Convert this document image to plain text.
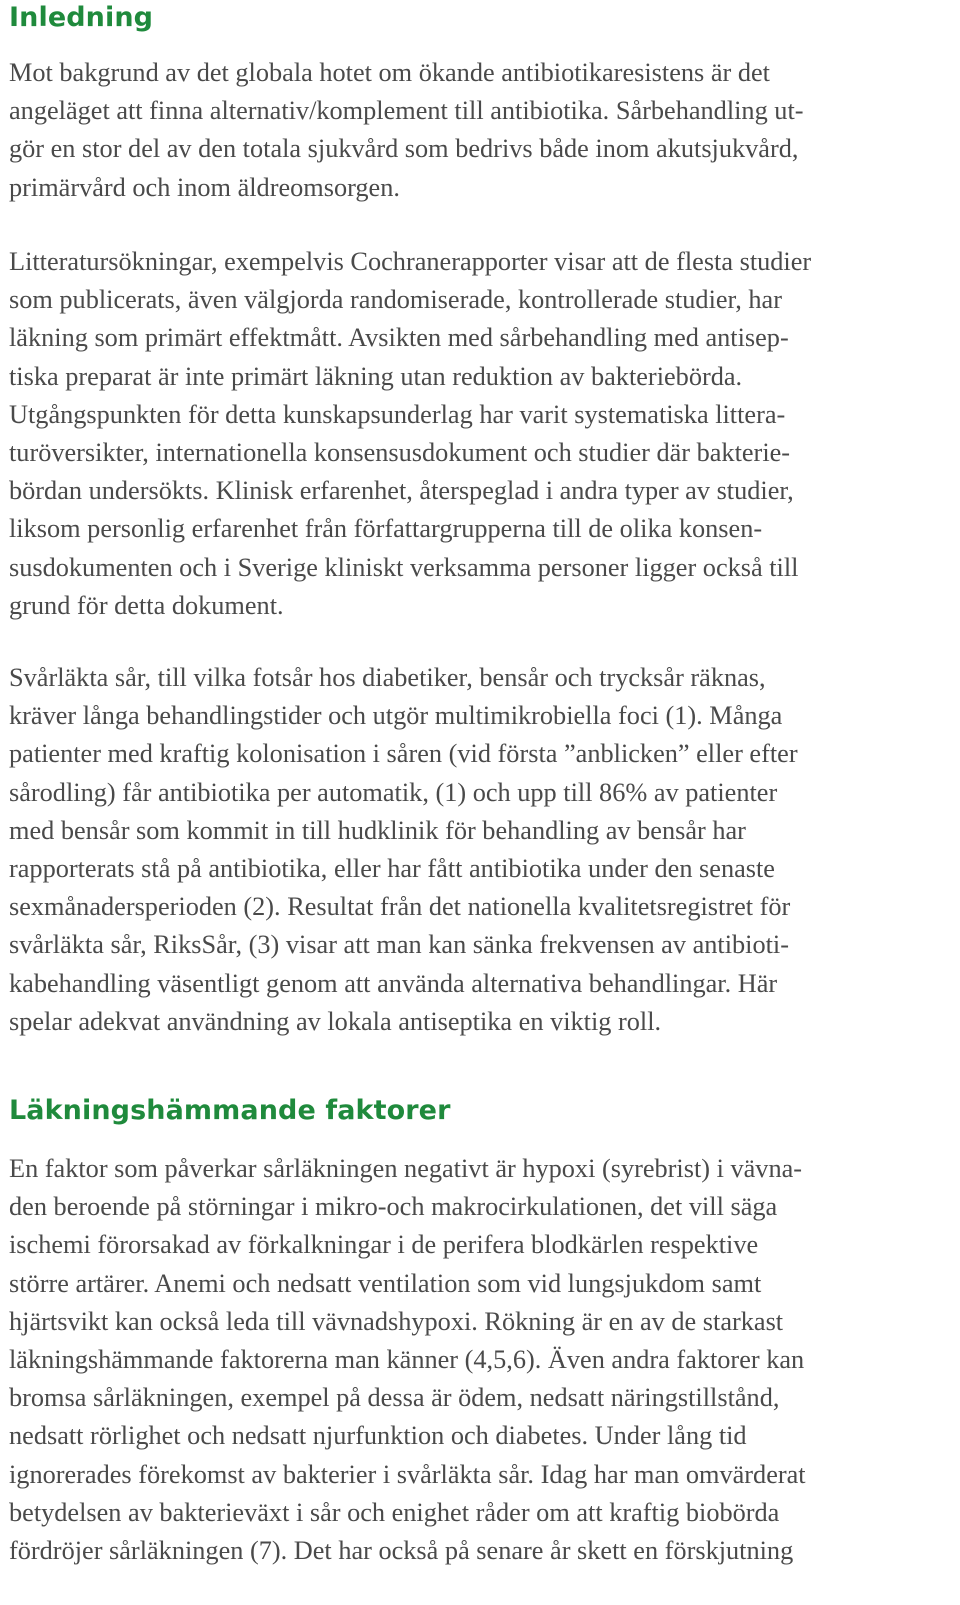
Inledning
Mot bakgrund av det globala hotet om ökande antibiotikaresistens är det
angeläget att finna alternativ/komplement till antibiotika. Sårbehandling ut-
gör en stor del av den totala sjukvård som bedrivs både inom akutsjukvård,
primärvård och inom äldreomsorgen.
Litteratursökningar, exempelvis Cochranerapporter visar att de flesta studier
som publicerats, även välgjorda randomiserade, kontrollerade studier, har
läkning som primärt effektmått. Avsikten med sårbehandling med antisep-
tiska preparat är inte primärt läkning utan reduktion av bakteriebörda.
Utgångspunkten för detta kunskapsunderlag har varit systematiska littera-
turöversikter, internationella konsensusdokument och studier där bakterie-
bördan undersökts. Klinisk erfarenhet, återspeglad i andra typer av studier,
liksom personlig erfarenhet från författargrupperna till de olika konsen-
susdokumenten och i Sverige kliniskt verksamma personer ligger också till
grund för detta dokument.
Svårläkta sår, till vilka fotsår hos diabetiker, bensår och trycksår räknas,
kräver långa behandlingstider och utgör multimikrobiella foci (1). Många
patienter med kraftig kolonisation i såren (vid första ”anblicken” eller efter
sårodling) får antibiotika per automatik, (1) och upp till 86% av patienter
med bensår som kommit in till hudklinik för behandling av bensår har
rapporterats stå på antibiotika, eller har fått antibiotika under den senaste
sexmånadersperioden (2). Resultat från det nationella kvalitetsregistret för
svårläkta sår, RiksSår, (3) visar att man kan sänka frekvensen av antibioti-
kabehandling väsentligt genom att använda alternativa behandlingar. Här
spelar adekvat användning av lokala antiseptika en viktig roll.
Läkningshämmande faktorer
En faktor som påverkar sårläkningen negativt är hypoxi (syrebrist) i vävna-
den beroende på störningar i mikro-och makrocirkulationen, det vill säga
ischemi förorsakad av förkalkningar i de perifera blodkärlen respektive
större artärer. Anemi och nedsatt ventilation som vid lungsjukdom samt
hjärtsvikt kan också leda till vävnadshypoxi. Rökning är en av de starkast
läkningshämmande faktorerna man känner (4,5,6). Även andra faktorer kan
bromsa sårläkningen, exempel på dessa är ödem, nedsatt näringstillstånd,
nedsatt rörlighet och nedsatt njurfunktion och diabetes. Under lång tid
ignorerades förekomst av bakterier i svårläkta sår. Idag har man omvärderat
betydelsen av bakterieväxt i sår och enighet råder om att kraftig biobörda
fördröjer sårläkningen (7). Det har också på senare år skett en förskjutning
